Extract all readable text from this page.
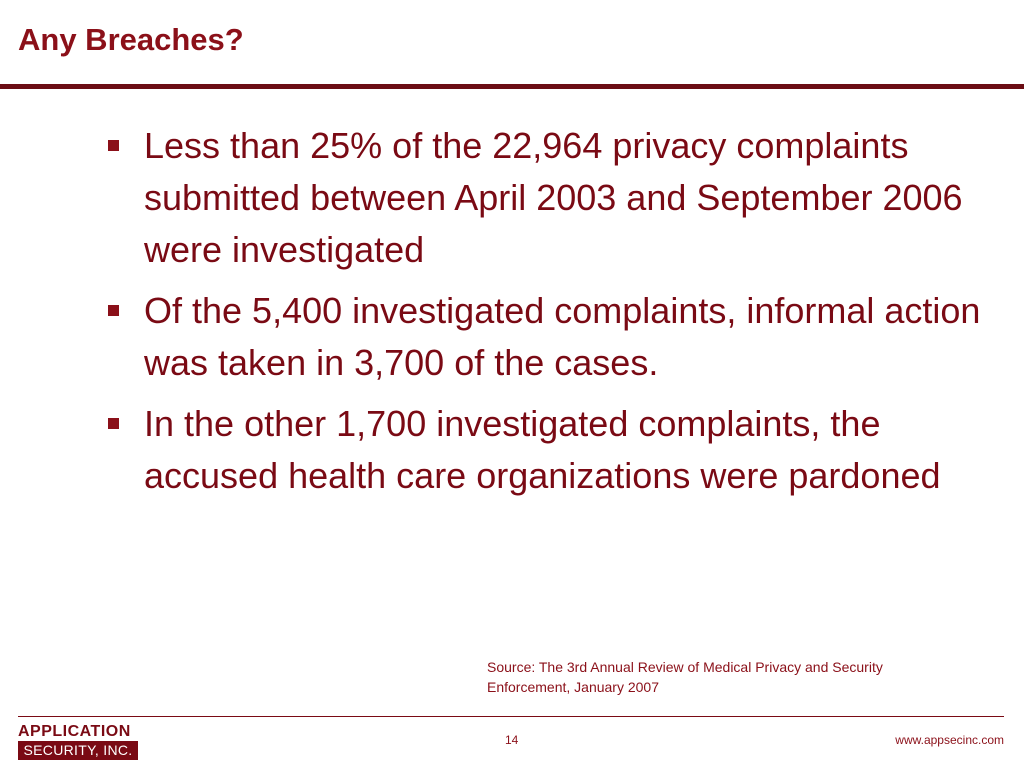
Any Breaches?
Less than 25% of the 22,964 privacy complaints submitted between April 2003 and September 2006 were investigated
Of the 5,400 investigated complaints, informal action was taken in 3,700 of the cases.
In the other 1,700 investigated complaints, the accused health care organizations were pardoned
Source: The 3rd Annual Review of Medical Privacy and Security
Enforcement, January 2007
APPLICATION
SECURITY, INC.
14	www.appsecinc.com
